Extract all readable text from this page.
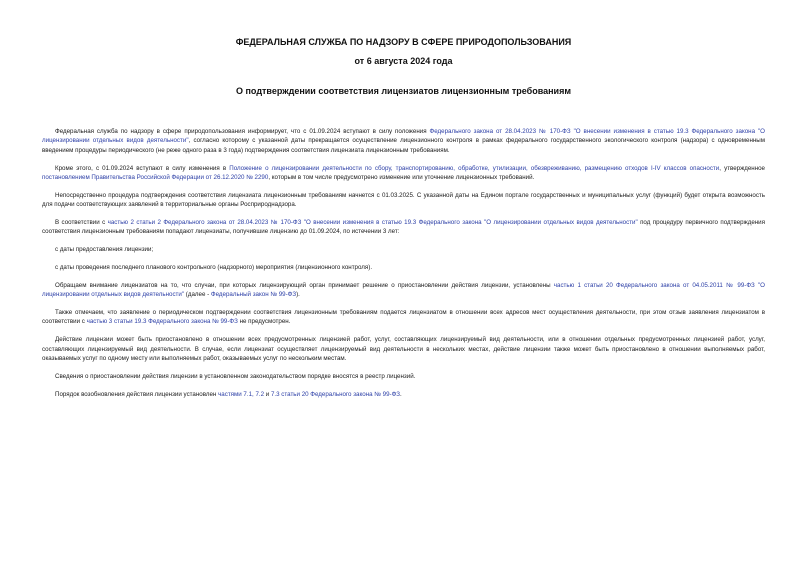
ФЕДЕРАЛЬНАЯ СЛУЖБА ПО НАДЗОРУ В СФЕРЕ ПРИРОДОПОЛЬЗОВАНИЯ
от 6 августа 2024 года
О подтверждении соответствия лицензиатов лицензионным требованиям

Федеральная служба по надзору в сфере природопользования информирует, что с 01.09.2024 вступают в силу положения Федерального закона от 28.04.2023 № 170-ФЗ "О внесении изменения в статью 19.3 Федерального закона "О лицензировании отдельных видов деятельности", согласно которому с указанной даты прекращается осуществление лицензионного контроля в рамках федерального государственного экологического контроля (надзора) с одновременным введением процедуры периодического (не реже одного раза в 3 года) подтверждения соответствия лицензиата лицензионным требованиям.

Кроме этого, с 01.09.2024 вступают в силу изменения в Положение о лицензировании деятельности по сбору, транспортированию, обработке, утилизации, обезвреживанию, размещению отходов I-IV классов опасности, утвержденное постановлением Правительства Российской Федерации от 26.12.2020 № 2290, которым в том числе предусмотрено изменение или уточнение лицензионных требований.

Непосредственно процедура подтверждения соответствия лицензиата лицензионным требованиям начнется с 01.03.2025. С указанной даты на Едином портале государственных и муниципальных услуг (функций) будет открыта возможность для подачи соответствующих заявлений в территориальные органы Росприроднадзора.

В соответствии с частью 2 статьи 2 Федерального закона от 28.04.2023 № 170-ФЗ "О внесении изменения в статью 19.3 Федерального закона "О лицензировании отдельных видов деятельности" под процедуру первичного подтверждения соответствия лицензионным требованиям попадают лицензиаты, получившие лицензию до 01.09.2024, по истечении 3 лет:

с даты предоставления лицензии;

с даты проведения последнего планового контрольного (надзорного) мероприятия (лицензионного контроля).

Обращаем внимание лицензиатов на то, что случаи, при которых лицензирующий орган принимает решение о приостановлении действия лицензии, установлены частью 1 статьи 20 Федерального закона от 04.05.2011 № 99-ФЗ "О лицензировании отдельных видов деятельности" (далее - Федеральный закон № 99-ФЗ).

Также отмечаем, что заявление о периодическом подтверждении соответствия лицензионным требованиям подается лицензиатом в отношении всех адресов мест осуществления деятельности, при этом отзыв заявления лицензиатом в соответствии с частью 3 статьи 19.3 Федерального закона № 99-ФЗ не предусмотрен.

Действие лицензии может быть приостановлено в отношении всех предусмотренных лицензией работ, услуг, составляющих лицензируемый вид деятельности, или в отношении отдельных предусмотренных лицензией работ, услуг, составляющих лицензируемый вид деятельности. В случае, если лицензиат осуществляет лицензируемый вид деятельности в нескольких местах, действие лицензии также может быть приостановлено в отношении выполняемых работ, оказываемых услуг по одному месту или выполняемых работ, оказываемых услуг по нескольким местам.

Сведения о приостановлении действия лицензии в установленном законодательством порядке вносятся в реестр лицензий.

Порядок возобновления действия лицензии установлен частями 7.1, 7.2 и 7.3 статьи 20 Федерального закона № 99-ФЗ.
